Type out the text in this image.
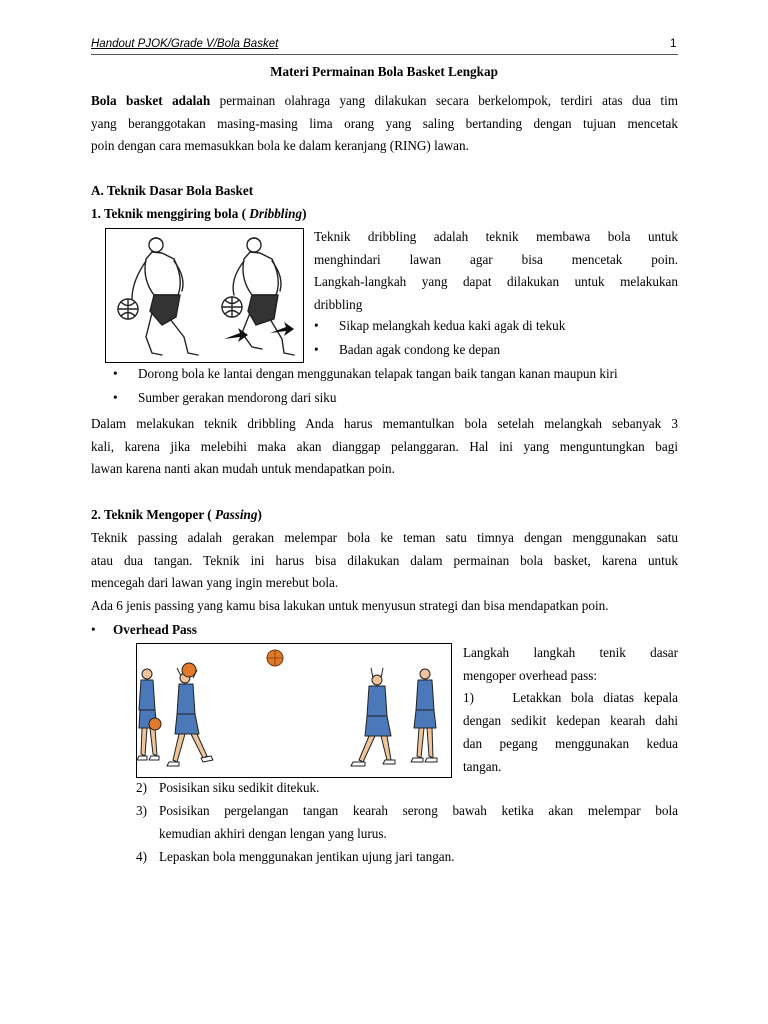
Handout PJOK/Grade V/Bola Basket	1
Materi Permainan Bola Basket Lengkap
Bola basket adalah permainan olahraga yang dilakukan secara berkelompok, terdiri atas dua tim
yang beranggotakan masing-masing lima orang yang saling bertanding dengan tujuan mencetak
poin dengan cara memasukkan bola ke dalam keranjang (RING) lawan.
A. Teknik Dasar Bola Basket
1. Teknik menggiring bola ( Dribbling)
Teknik dribbling adalah teknik membawa bola untuk
menghindari lawan agar bisa mencetak poin.
Langkah-langkah yang dapat dilakukan untuk melakukan
dribbling
• Sikap melangkah kedua kaki agak di tekuk
• Badan agak condong ke depan
• Dorong bola ke lantai dengan menggunakan telapak tangan baik tangan kanan maupun kiri
• Sumber gerakan mendorong dari siku
Dalam melakukan teknik dribbling Anda harus memantulkan bola setelah melangkah sebanyak 3
kali, karena jika melebihi maka akan dianggap pelanggaran. Hal ini yang menguntungkan bagi
lawan karena nanti akan mudah untuk mendapatkan poin.
2. Teknik Mengoper ( Passing)
Teknik passing adalah gerakan melempar bola ke teman satu timnya dengan menggunakan satu
atau dua tangan. Teknik ini harus bisa dilakukan dalam permainan bola basket, karena untuk
mencegah dari lawan yang ingin merebut bola.
Ada 6 jenis passing yang kamu bisa lakukan untuk menyusun strategi dan bisa mendapatkan poin.
• Overhead Pass
Langkah langkah tenik dasar
mengoper overhead pass:
1)    Letakkan bola diatas kepala
dengan sedikit kedepan kearah dahi
dan pegang menggunakan kedua
tangan.
2) Posisikan siku sedikit ditekuk.
3) Posisikan pergelangan tangan kearah serong bawah ketika akan melempar bola
kemudian akhiri dengan lengan yang lurus.
4) Lepaskan bola menggunakan jentikan ujung jari tangan.
